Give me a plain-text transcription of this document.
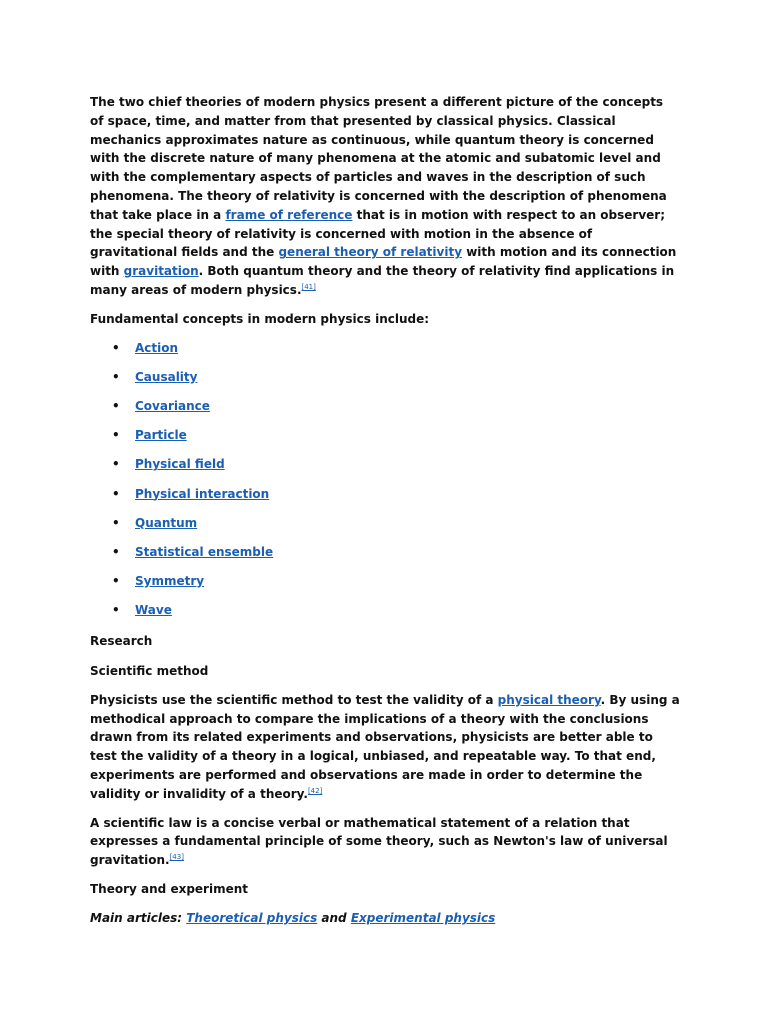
The two chief theories of modern physics present a different picture of the concepts of space, time, and matter from that presented by classical physics. Classical mechanics approximates nature as continuous, while quantum theory is concerned with the discrete nature of many phenomena at the atomic and subatomic level and with the complementary aspects of particles and waves in the description of such phenomena. The theory of relativity is concerned with the description of phenomena that take place in a frame of reference that is in motion with respect to an observer; the special theory of relativity is concerned with motion in the absence of gravitational fields and the general theory of relativity with motion and its connection with gravitation. Both quantum theory and the theory of relativity find applications in many areas of modern physics.[41]

Fundamental concepts in modern physics include:

• Action
• Causality
• Covariance
• Particle
• Physical field
• Physical interaction
• Quantum
• Statistical ensemble
• Symmetry
• Wave

Research

Scientific method

Physicists use the scientific method to test the validity of a physical theory. By using a methodical approach to compare the implications of a theory with the conclusions drawn from its related experiments and observations, physicists are better able to test the validity of a theory in a logical, unbiased, and repeatable way. To that end, experiments are performed and observations are made in order to determine the validity or invalidity of a theory.[42]

A scientific law is a concise verbal or mathematical statement of a relation that expresses a fundamental principle of some theory, such as Newton's law of universal gravitation.[43]

Theory and experiment

Main articles: Theoretical physics and Experimental physics
